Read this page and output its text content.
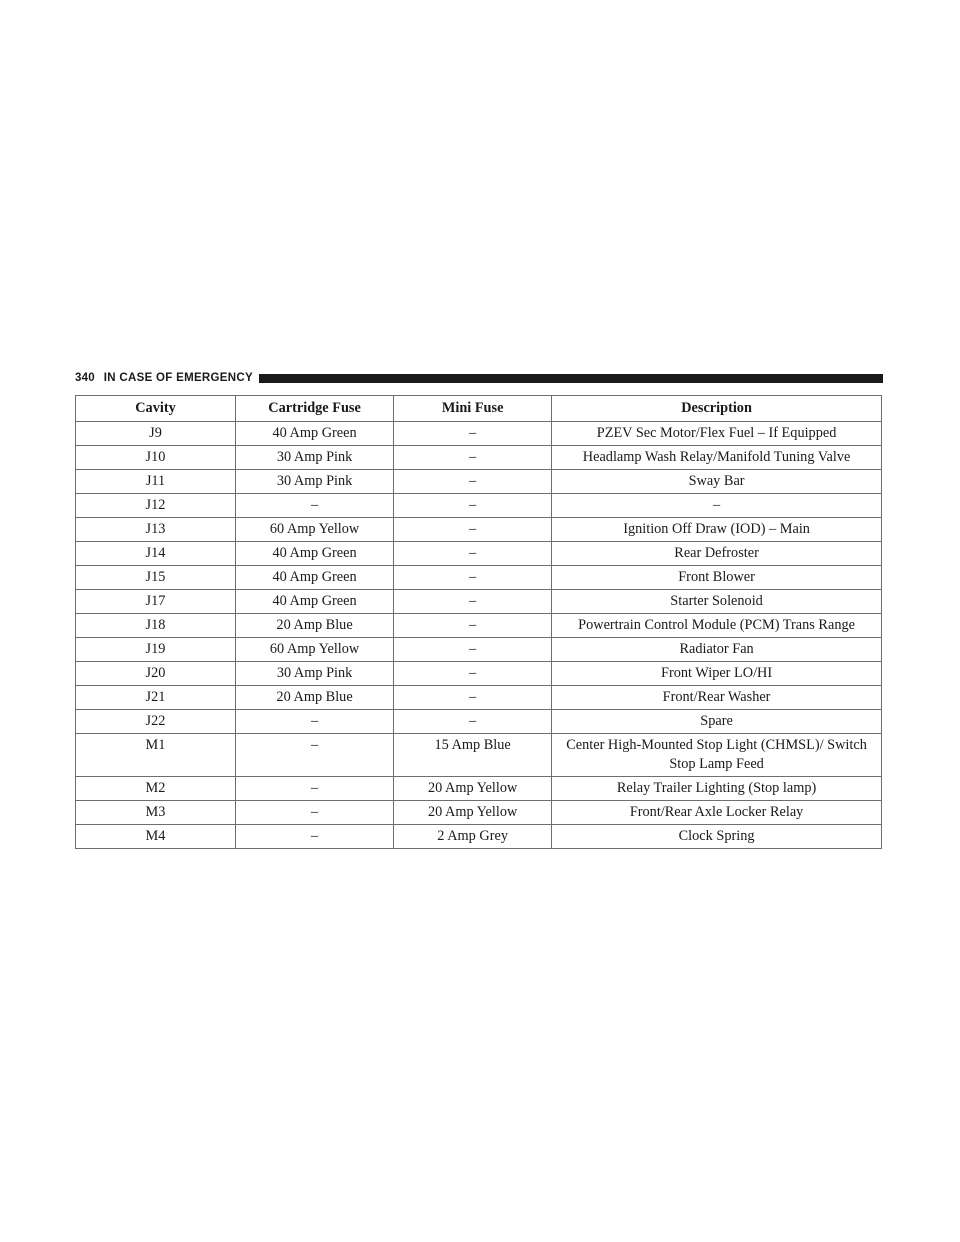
340 IN CASE OF EMERGENCY
Cavity	Cartridge Fuse	Mini Fuse	Description
J9	40 Amp Green	–	PZEV Sec Motor/Flex Fuel – If Equipped
J10	30 Amp Pink	–	Headlamp Wash Relay/Manifold Tuning Valve
J11	30 Amp Pink	–	Sway Bar
J12	–	–	–
J13	60 Amp Yellow	–	Ignition Off Draw (IOD) – Main
J14	40 Amp Green	–	Rear Defroster
J15	40 Amp Green	–	Front Blower
J17	40 Amp Green	–	Starter Solenoid
J18	20 Amp Blue	–	Powertrain Control Module (PCM) Trans Range
J19	60 Amp Yellow	–	Radiator Fan
J20	30 Amp Pink	–	Front Wiper LO/HI
J21	20 Amp Blue	–	Front/Rear Washer
J22	–	–	Spare
M1	–	15 Amp Blue	Center High-Mounted Stop Light (CHMSL)/ Switch Stop Lamp Feed
M2	–	20 Amp Yellow	Relay Trailer Lighting (Stop lamp)
M3	–	20 Amp Yellow	Front/Rear Axle Locker Relay
M4	–	2 Amp Grey	Clock Spring
